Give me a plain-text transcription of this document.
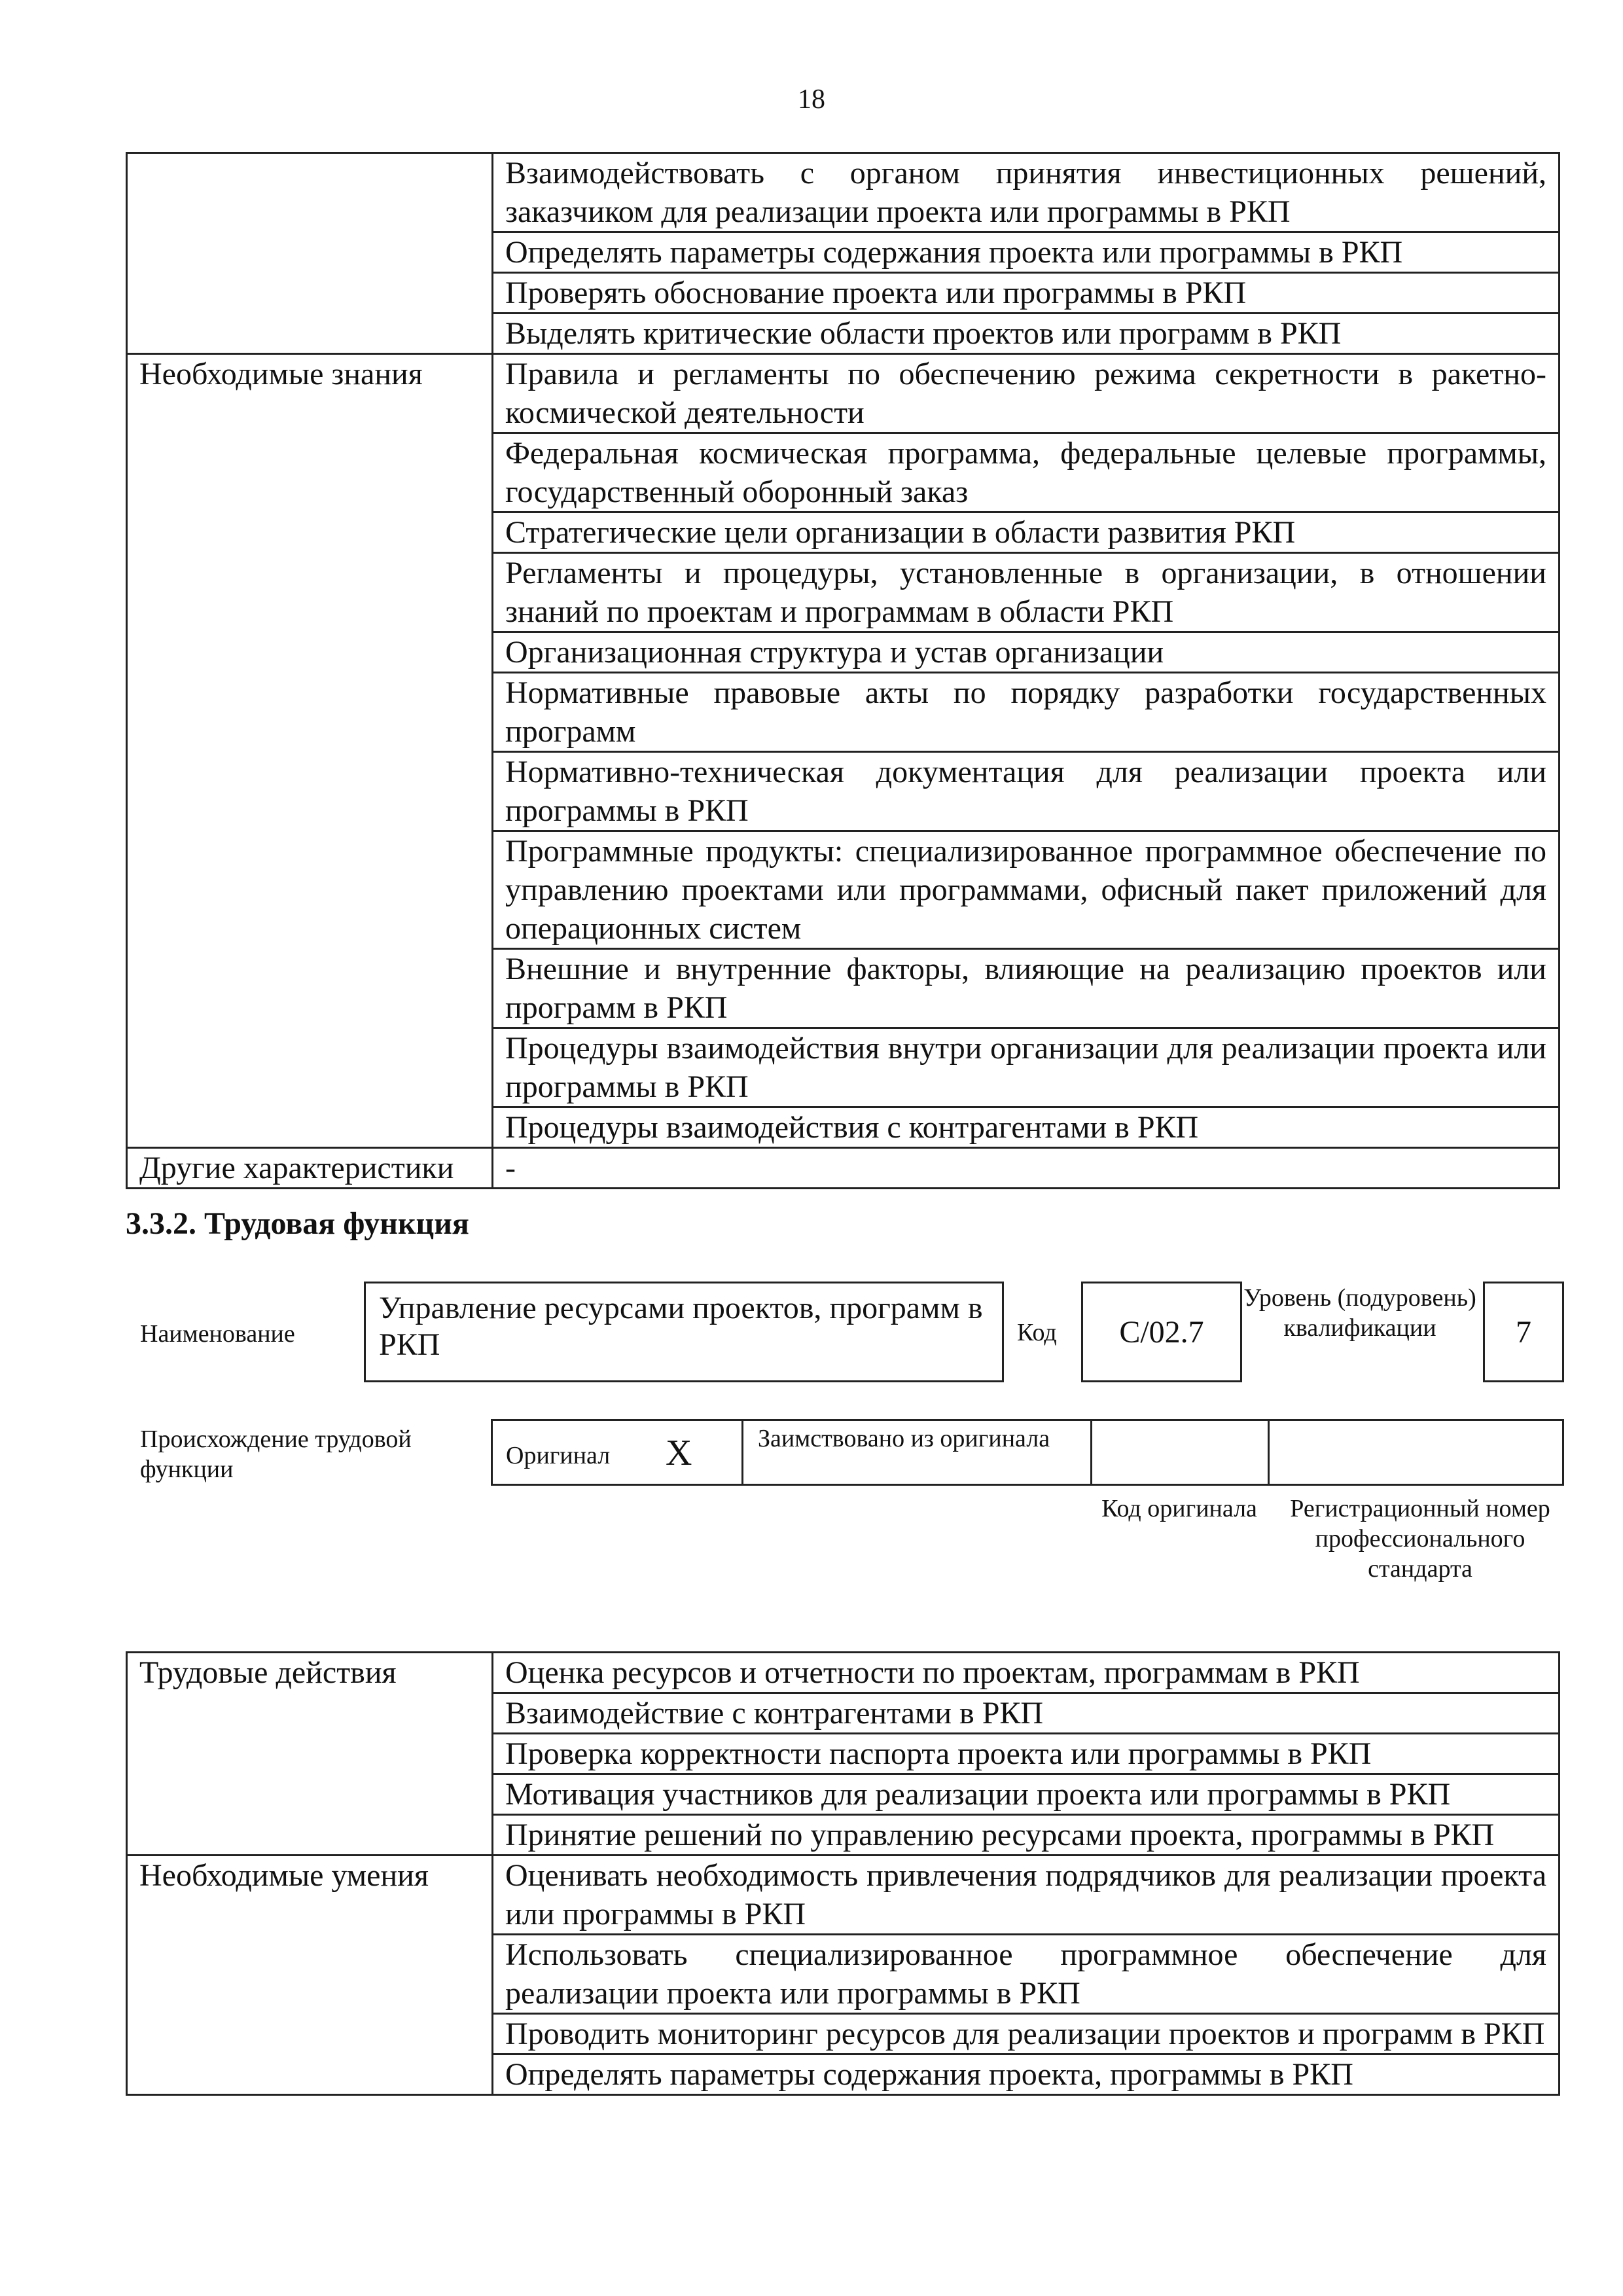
18
	Взаимодействовать с органом принятия инвестиционных решений, заказчиком для реализации проекта или программы в РКП
	Определять параметры содержания проекта или программы в РКП
	Проверять обоснование проекта или программы в РКП
	Выделять критические области проектов или программ в РКП
Необходимые знания	Правила и регламенты по обеспечению режима секретности в ракетно-космической деятельности
	Федеральная космическая программа, федеральные целевые программы, государственный оборонный заказ
	Стратегические цели организации в области развития РКП
	Регламенты и процедуры, установленные в организации, в отношении знаний по проектам и программам в области РКП
	Организационная структура и устав организации
	Нормативные правовые акты по порядку разработки государственных программ
	Нормативно-техническая документация для реализации проекта или программы в РКП
	Программные продукты: специализированное программное обеспечение по управлению проектами или программами, офисный пакет приложений для операционных систем
	Внешние и внутренние факторы, влияющие на реализацию проектов или программ в РКП
	Процедуры взаимодействия внутри организации для реализации проекта или программы в РКП
	Процедуры взаимодействия с контрагентами в РКП
Другие характеристики	-
3.3.2. Трудовая функция
Наименование
Управление ресурсами проектов, программ в РКП	Код	C/02.7
Уровень (подуровень) квалификации	7
Происхождение трудовой функции	Оригинал X	Заимствовано из оригинала
Код оригинала	Регистрационный номер профессионального стандарта
Трудовые действия	Оценка ресурсов и отчетности по проектам, программам в РКП
	Взаимодействие с контрагентами в РКП
	Проверка корректности паспорта проекта или программы в РКП
	Мотивация участников для реализации проекта или программы в РКП
	Принятие решений по управлению ресурсами проекта, программы в РКП
Необходимые умения	Оценивать необходимость привлечения подрядчиков для реализации проекта или программы в РКП
	Использовать специализированное программное обеспечение для реализации проекта или программы в РКП
	Проводить мониторинг ресурсов для реализации проектов и программ в РКП
	Определять параметры содержания проекта, программы в РКП
